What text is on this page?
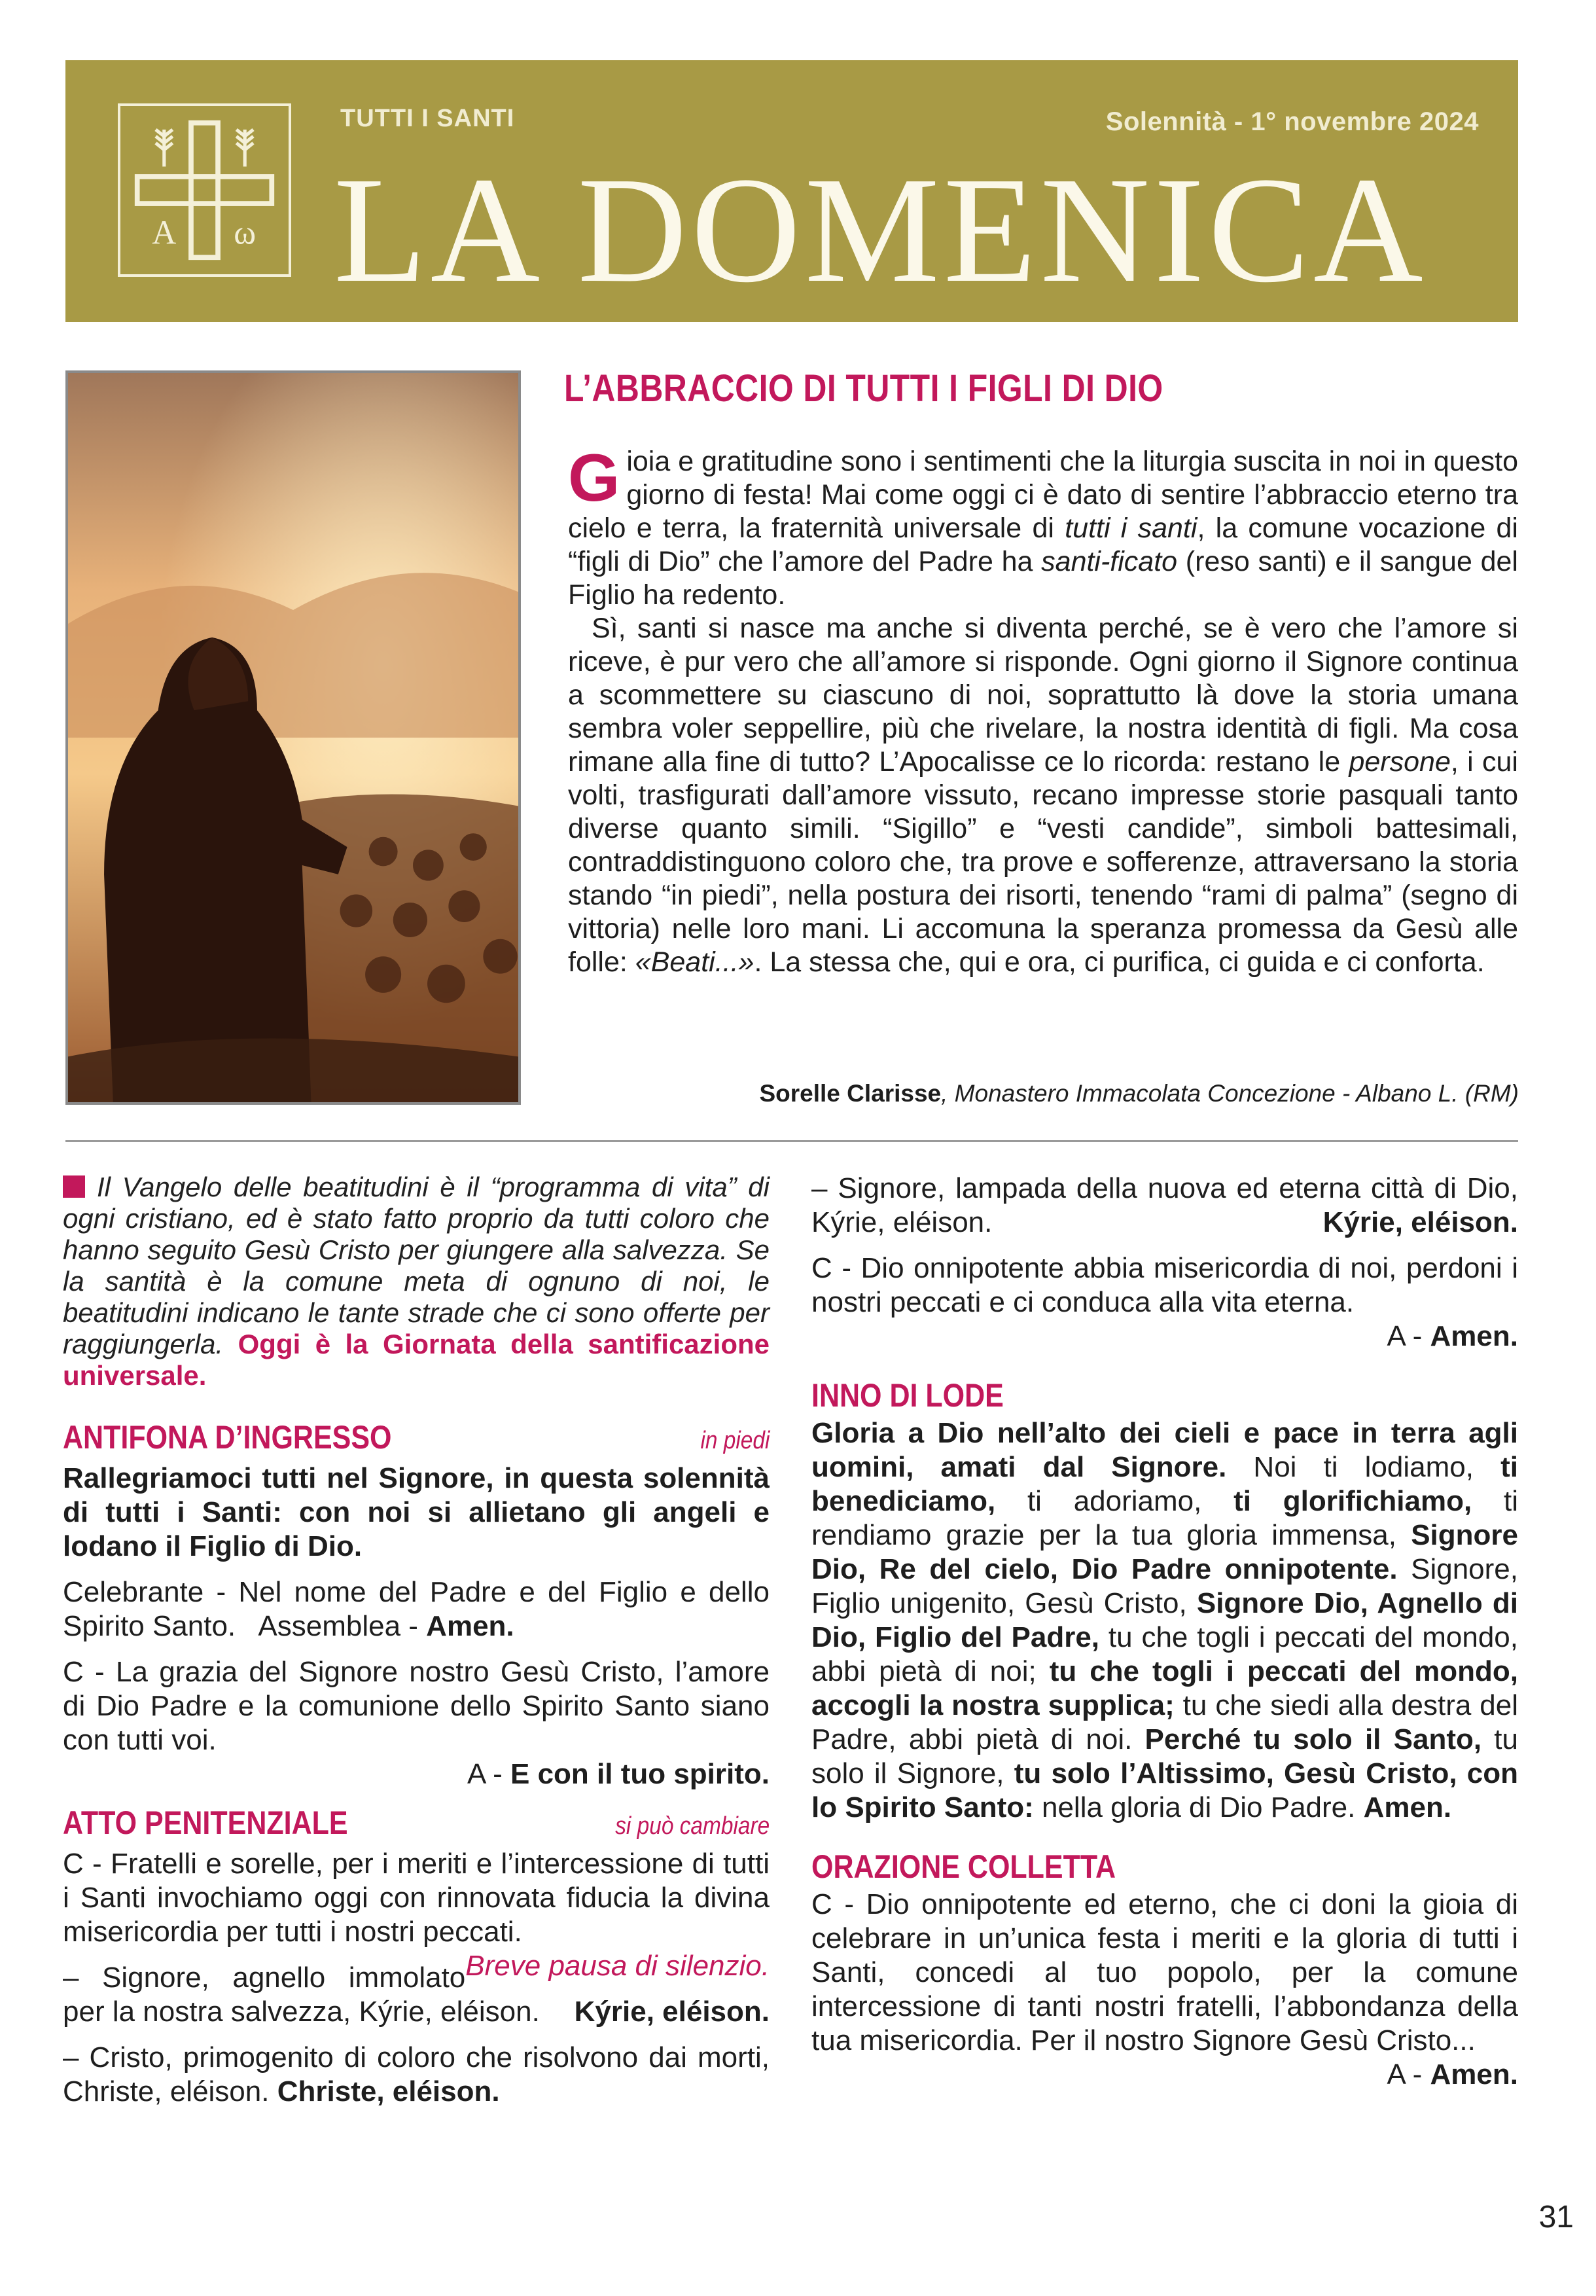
A	ω
TUTTI I SANTI	Solennità - 1° novembre 2024
LA DOMENICA
L’ABBRACCIO DI TUTTI I FIGLI DI DIO

Gioia e gratitudine sono i sentimenti che la liturgia suscita in noi in questo giorno di festa! Mai come oggi ci è dato di sentire l’abbraccio eterno tra cielo e terra, la fraternità universale di tutti i santi, la comune vocazione di “figli di Dio” che l’amore del Padre ha santi-ficato (reso santi) e il sangue del Figlio ha redento.

Sì, santi si nasce ma anche si diventa perché, se è vero che l’amore si riceve, è pur vero che all’amore si risponde. Ogni giorno il Signore continua a scommettere su ciascuno di noi, soprattutto là dove la storia umana sembra voler seppellire, più che rivelare, la nostra identità di figli. Ma cosa rimane alla fine di tutto? L’Apocalisse ce lo ricorda: restano le persone, i cui volti, trasfigurati dall’amore vissuto, recano impresse storie pasquali tanto diverse quanto simili. “Sigillo” e “vesti candide”, simboli battesimali, contraddistinguono coloro che, tra prove e sofferenze, attraversano la storia stando “in piedi”, nella postura dei risorti, tenendo “rami di palma” (segno di vittoria) nelle loro mani. Li accomuna la speranza promessa da Gesù alle folle: «Beati...». La stessa che, qui e ora, ci purifica, ci guida e ci conforta.

Sorelle Clarisse, Monastero Immacolata Concezione - Albano L. (RM)

Il Vangelo delle beatitudini è il “programma di vita” di ogni cristiano, ed è stato fatto proprio da tutti coloro che hanno seguito Gesù Cristo per giungere alla salvezza. Se la santità è la comune meta di ognuno di noi, le beatitudini indicano le tante strade che ci sono offerte per raggiungerla. Oggi è la Giornata della santificazione universale.

ANTIFONA D’INGRESSO	in piedi
Rallegriamoci tutti nel Signore, in questa solennità di tutti i Santi: con noi si allietano gli angeli e lodano il Figlio di Dio.
Celebrante - Nel nome del Padre e del Figlio e dello Spirito Santo. Assemblea - Amen.
C - La grazia del Signore nostro Gesù Cristo, l’amore di Dio Padre e la comunione dello Spirito Santo siano con tutti voi.
A - E con il tuo spirito.
ATTO PENITENZIALE	si può cambiare
C - Fratelli e sorelle, per i meriti e l’intercessione di tutti i Santi invochiamo oggi con rinnovata fiducia la divina misericordia per tutti i nostri peccati.
Breve pausa di silenzio.
– Signore, agnello immolato per la nostra salvezza, Kýrie, eléison. Kýrie, eléison.
– Cristo, primogenito di coloro che risolvono dai morti, Christe, eléison. Christe, eléison.
– Signore, lampada della nuova ed eterna città di Dio, Kýrie, eléison.	Kýrie, eléison.
C - Dio onnipotente abbia misericordia di noi, perdoni i nostri peccati e ci conduca alla vita eterna.
A - Amen.
INNO DI LODE
Gloria a Dio nell’alto dei cieli e pace in terra agli uomini, amati dal Signore. Noi ti lodiamo, ti benediciamo, ti adoriamo, ti glorifichiamo, ti rendiamo grazie per la tua gloria immensa, Signore Dio, Re del cielo, Dio Padre onnipotente. Signore, Figlio unigenito, Gesù Cristo, Signore Dio, Agnello di Dio, Figlio del Padre, tu che togli i peccati del mondo, abbi pietà di noi; tu che togli i peccati del mondo, accogli la nostra supplica; tu che siedi alla destra del Padre, abbi pietà di noi. Perché tu solo il Santo, tu solo il Signore, tu solo l’Altissimo, Gesù Cristo, con lo Spirito Santo: nella gloria di Dio Padre. Amen.
ORAZIONE COLLETTA
C - Dio onnipotente ed eterno, che ci doni la gioia di celebrare in un’unica festa i meriti e la gloria di tutti i Santi, concedi al tuo popolo, per la comune intercessione di tanti nostri fratelli, l’abbondanza della tua misericordia. Per il nostro Signore Gesù Cristo...
A - Amen.
31
